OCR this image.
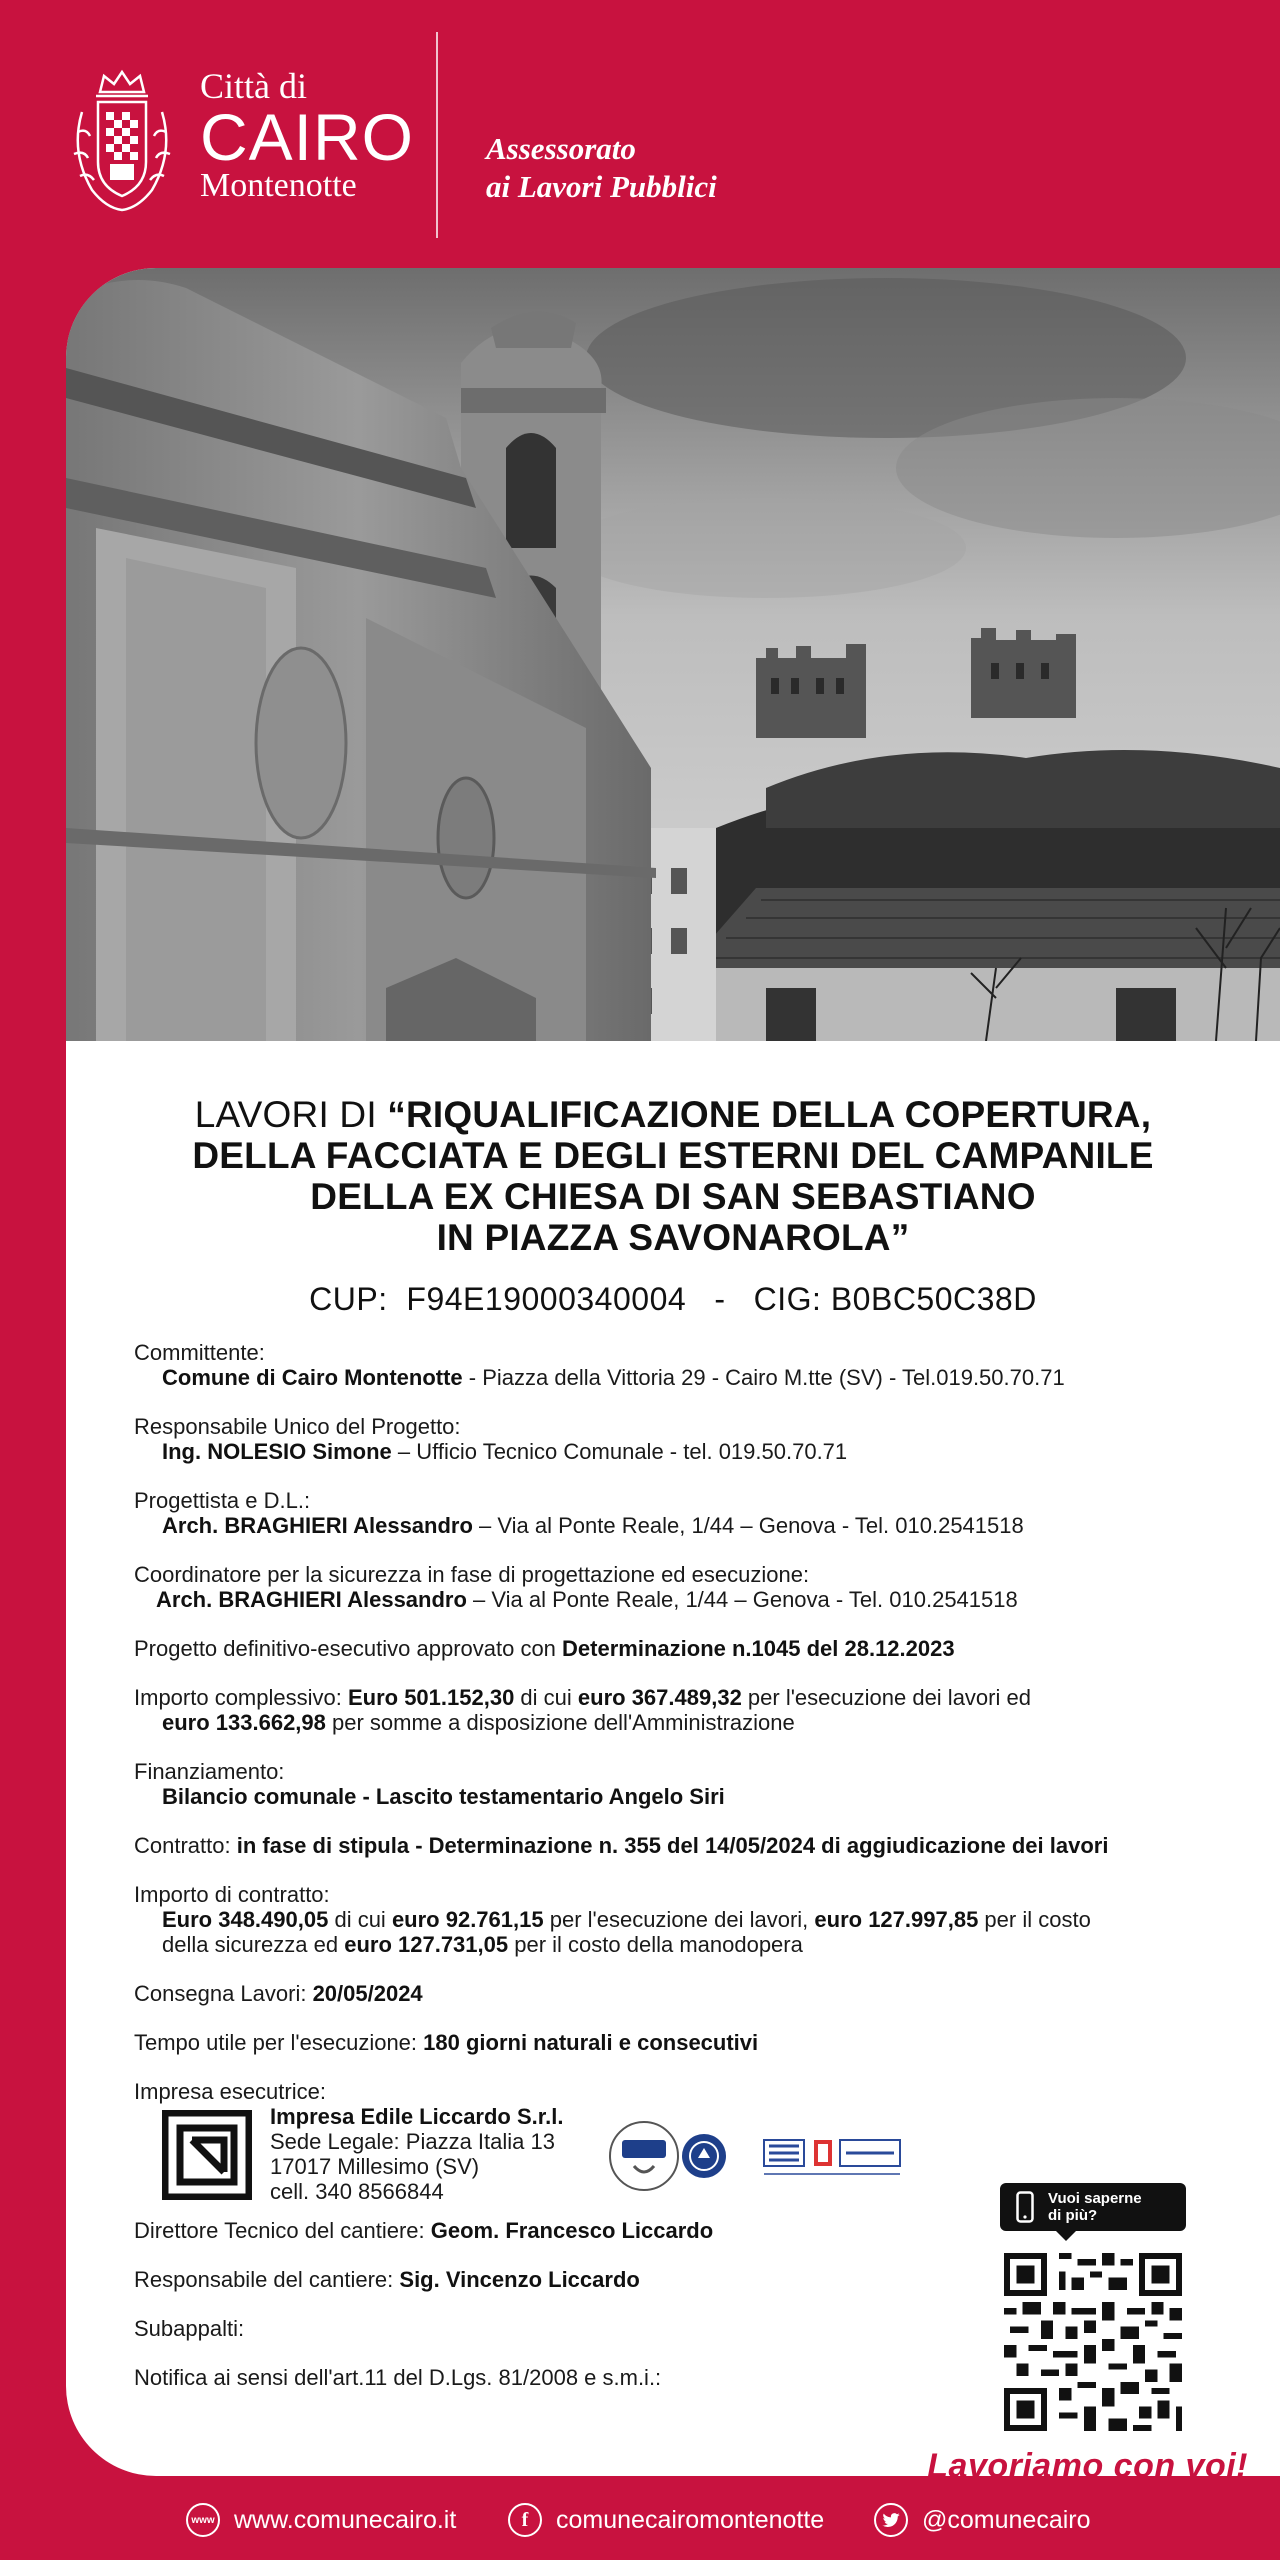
Città di
CAIRO
Montenotte
Assessorato
ai Lavori Pubblici
LAVORI DI “RIQUALIFICAZIONE DELLA COPERTURA,
DELLA FACCIATA E DEGLI ESTERNI DEL CAMPANILE
DELLA EX CHIESA DI SAN SEBASTIANO
IN PIAZZA SAVONAROLA”
CUP: F94E19000340004 - CIG: B0BC50C38D
Committente:
Comune di Cairo Montenotte - Piazza della Vittoria 29 - Cairo M.tte (SV) - Tel.019.50.70.71
Responsabile Unico del Progetto:
Ing. NOLESIO Simone – Ufficio Tecnico Comunale - tel. 019.50.70.71
Progettista e D.L.:
Arch. BRAGHIERI Alessandro – Via al Ponte Reale, 1/44 – Genova - Tel. 010.2541518
Coordinatore per la sicurezza in fase di progettazione ed esecuzione:
Arch. BRAGHIERI Alessandro – Via al Ponte Reale, 1/44 – Genova - Tel. 010.2541518
Progetto definitivo-esecutivo approvato con Determinazione n.1045 del 28.12.2023
Importo complessivo: Euro 501.152,30 di cui euro 367.489,32 per l'esecuzione dei lavori ed
euro 133.662,98 per somme a disposizione dell'Amministrazione
Finanziamento:
Bilancio comunale - Lascito testamentario Angelo Siri
Contratto: in fase di stipula - Determinazione n. 355 del 14/05/2024 di aggiudicazione dei lavori
Importo di contratto:
Euro 348.490,05 di cui euro 92.761,15 per l'esecuzione dei lavori, euro 127.997,85 per il costo
della sicurezza ed euro 127.731,05 per il costo della manodopera
Consegna Lavori: 20/05/2024
Tempo utile per l'esecuzione: 180 giorni naturali e consecutivi
Impresa esecutrice:
Impresa Edile Liccardo S.r.l.
Sede Legale: Piazza Italia 13
17017 Millesimo (SV)
cell. 340 8566844
Direttore Tecnico del cantiere: Geom. Francesco Liccardo
Responsabile del cantiere: Sig. Vincenzo Liccardo
Subappalti:
Notifica ai sensi dell'art.11 del D.Lgs. 81/2008 e s.m.i.:
Vuoi saperne
di più?
Lavoriamo con voi!
www www.comunecairo.it	f	comunecairomontenotte	@comunecairo
